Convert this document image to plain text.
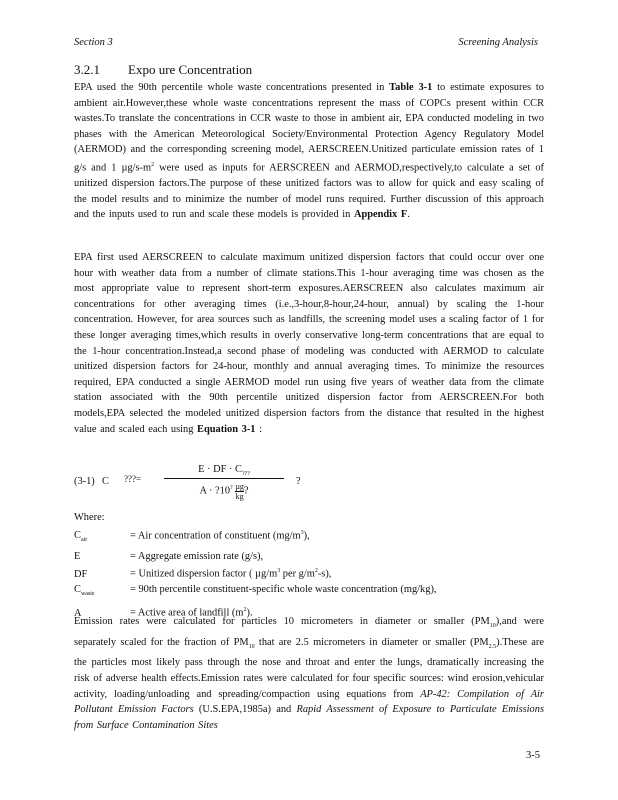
Section 3	Screening Analysis
3.2.1 Expo ure Concentration

EPA used the 90th percentile whole waste concentrations presented in Table 3-1 to estimate exposures to ambient air.However,these whole waste concentrations represent the mass of COPCs present within CCR wastes.To translate the concentrations in CCR waste to those in ambient air, EPA conducted modeling in two phases with the American Meteorological Society/Environmental Protection Agency Regulatory Model (AERMOD) and the corresponding screening model, AERSCREEN.Unitized particulate emission rates of 1 g/s and 1 $\mu g/s-m^2$ were used as inputs for AERSCREEN and AERMOD,respectively,to calculate a set of unitized dispersion factors.The purpose of these unitized factors was to allow for quick and easy scaling of the model results and to minimize the number of model runs required. Further discussion of this approach and the inputs used to run and scale these models is provided in Appendix F.

EPA first used AERSCREEN to calculate maximum unitized dispersion factors that could occur over one hour with weather data from a number of climate stations.This 1-hour averaging time was chosen as the most appropriate value to represent short-term exposures.AERSCREEN also calculates maximum air concentrations for other averaging times (i.e.,3-hour,8-hour,24-hour, annual) by scaling the 1-hour concentration. However, for area sources such as landfills, the screening model uses a scaling factor of 1 for these longer averaging times,which results in overly conservative long-term concentrations that are equal to the 1-hour concentration.Instead,a second phase of modeling was conducted with AERMOD to calculate unitized dispersion factors for 24-hour, monthly and annual averaging times. To minimize the resources required, EPA conducted a single AERMOD model run using five years of weather data from the climate station associated with the 90th percentile unitized dispersion factor from AERSCREEN.For both models,EPA selected the modeled unitized dispersion factors from the distance that resulted in the highest value and scaled each using Equation 3-1 :

(3-1) C ???=
E · DF · $C_{???}$
A · ?10? µg
kg ?
?
Where:
$C_{air}$	= Air concentration of constituent $(mg/m^3)$,
E	= Aggregate emission rate (g/s),
DF	= Unitized dispersion factor ( $\mu g/m^3$ per $g/m^2-s$),
$C_{waste}$	= 90th percentile constituent-specific whole waste concentration (mg/kg),
A	= Active area of landfill $(m^2)$.

Emission rates were calculated for particles 10 micrometers in diameter or smaller $(PM_{10}),and$ were separately scaled for the fraction of $PM_{10}$ that are 2.5 micrometers in diameter or smaller $(PM_{2.5}).These$ are the particles most likely pass through the nose and throat and enter the lungs, dramatically increasing the risk of adverse health effects.Emission rates were calculated for four specific sources: wind erosion,vehicular activity, loading/unloading and spreading/compaction using equations from AP-42: Compilation of Air Pollutant Emission Factors (U.S.EPA,1985a) and Rapid Assessment of Exposure to Particulate Emissions from Surface Contamination Sites

3-5
